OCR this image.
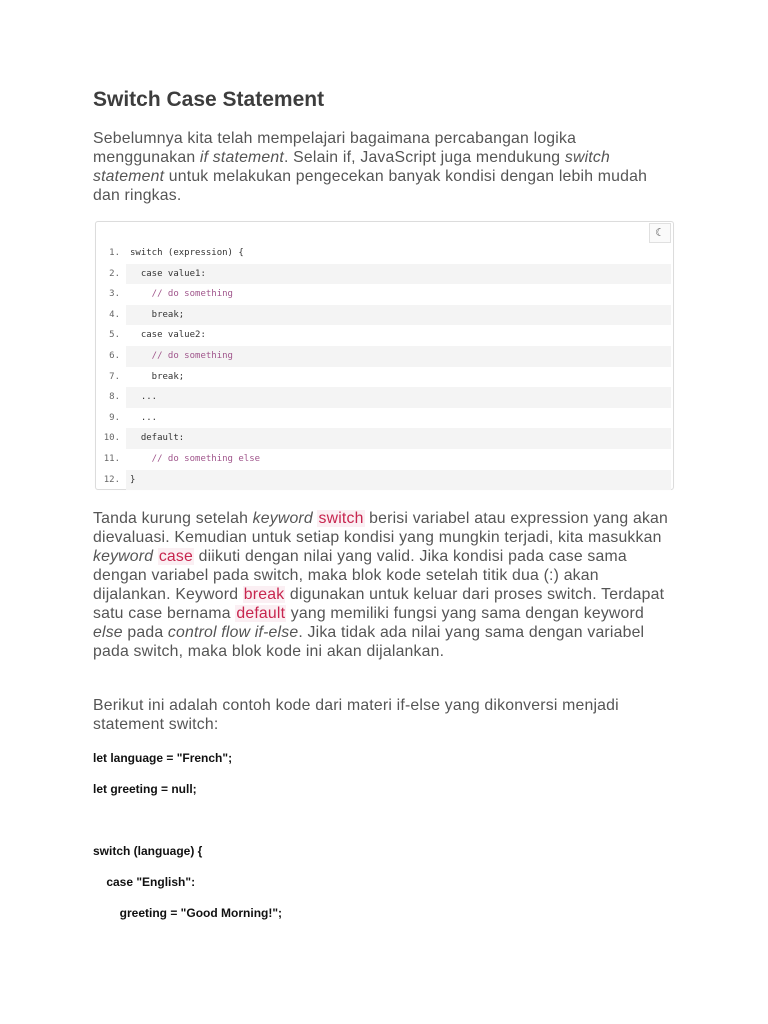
Switch Case Statement

Sebelumnya kita telah mempelajari bagaimana percabangan logika menggunakan if statement. Selain if, JavaScript juga mendukung switch statement untuk melakukan pengecekan banyak kondisi dengan lebih mudah dan ringkas.

☾
1.	switch (expression) {
2.	case value1:
3.	// do something
4.	break;
5.	case value2:
6.	// do something
7.	break;
8.	...
9.	...
10.	default:
11.	// do something else
12.	}

Tanda kurung setelah keyword switch berisi variabel atau expression yang akan dievaluasi. Kemudian untuk setiap kondisi yang mungkin terjadi, kita masukkan keyword case diikuti dengan nilai yang valid. Jika kondisi pada case sama dengan variabel pada switch, maka blok kode setelah titik dua (:) akan dijalankan. Keyword break digunakan untuk keluar dari proses switch. Terdapat satu case bernama default yang memiliki fungsi yang sama dengan keyword else pada control flow if-else. Jika tidak ada nilai yang sama dengan variabel pada switch, maka blok kode ini akan dijalankan.

Berikut ini adalah contoh kode dari materi if-else yang dikonversi menjadi statement switch:

let language = "French";
let greeting = null;
switch (language) {
case "English":
greeting = "Good Morning!";
